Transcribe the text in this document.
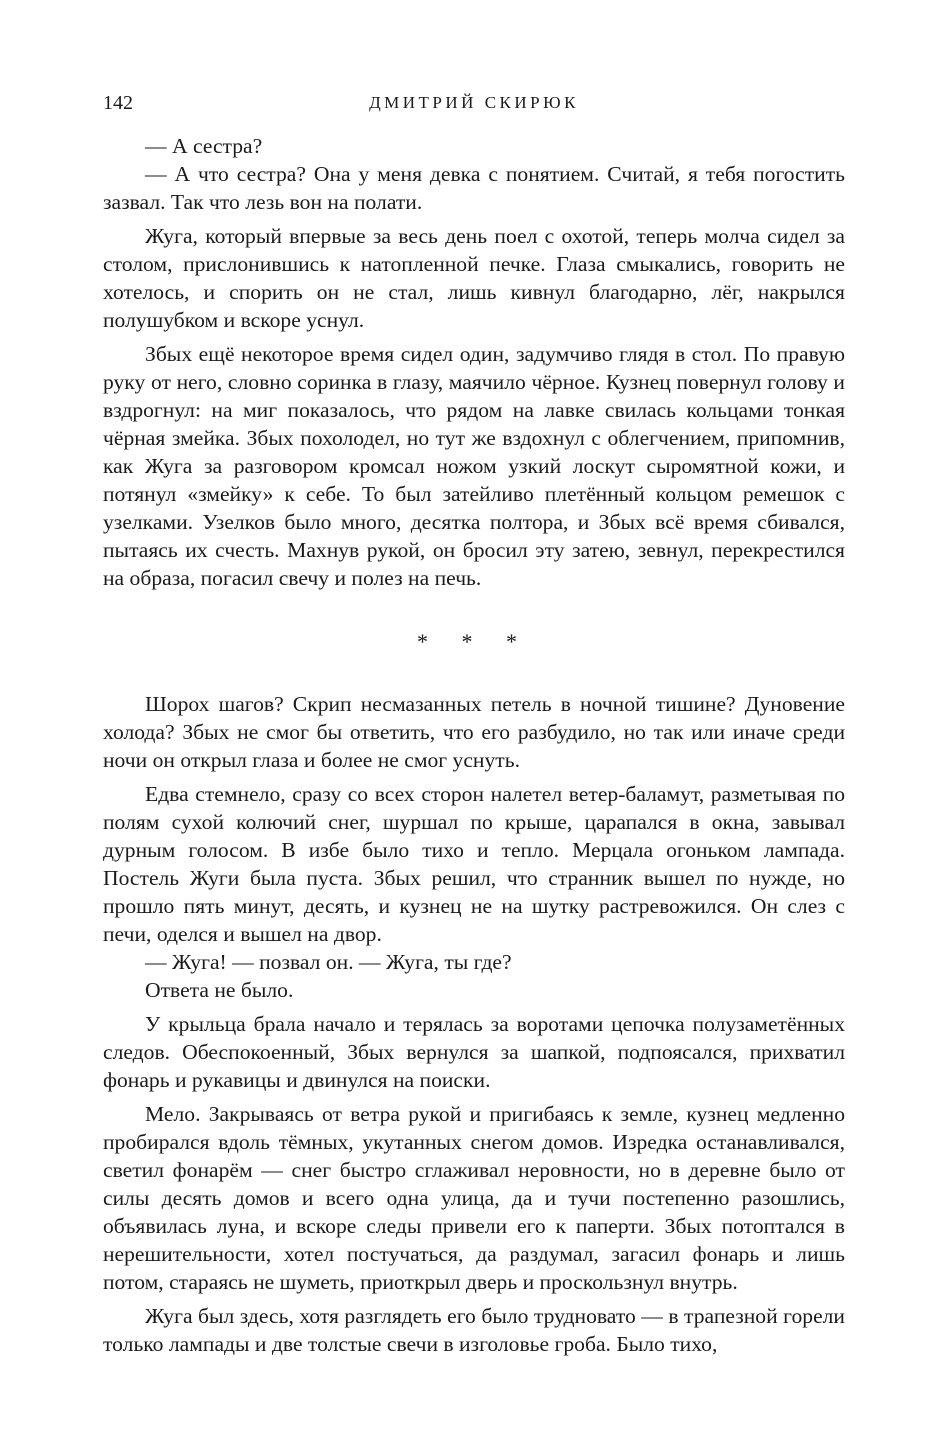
142	ДМИТРИЙ СКИРЮК

— А сестра?

— А что сестра? Она у меня девка с понятием. Считай, я тебя погостить зазвал. Так что лезь вон на полати.

Жуга, который впервые за весь день поел с охотой, теперь молча сидел за столом, прислонившись к натопленной печке. Глаза смыкались, говорить не хотелось, и спорить он не стал, лишь кивнул благодарно, лёг, накрылся полушубком и вскоре уснул.

Збых ещё некоторое время сидел один, задумчиво глядя в стол. По правую руку от него, словно соринка в глазу, маячило чёрное. Кузнец повернул голову и вздрогнул: на миг показалось, что рядом на лавке свилась кольцами тонкая чёрная змейка. Збых похолодел, но тут же вздохнул с облегчением, припомнив, как Жуга за разговором кромсал ножом узкий лоскут сыромятной кожи, и потянул «змейку» к себе. То был затейливо плетённый кольцом ремешок с узелками. Узелков было много, десятка полтора, и Збых всё время сбивался, пытаясь их счесть. Махнув рукой, он бросил эту затею, зевнул, перекрестился на образа, погасил свечу и полез на печь.

* * *

Шорох шагов? Скрип несмазанных петель в ночной тишине? Дуновение холода? Збых не смог бы ответить, что его разбудило, но так или иначе среди ночи он открыл глаза и более не смог уснуть.

Едва стемнело, сразу со всех сторон налетел ветер-баламут, разметывая по полям сухой колючий снег, шуршал по крыше, царапался в окна, завывал дурным голосом. В избе было тихо и тепло. Мерцала огоньком лампада. Постель Жуги была пуста. Збых решил, что странник вышел по нужде, но прошло пять минут, десять, и кузнец не на шутку растревожился. Он слез с печи, оделся и вышел на двор.

— Жуга! — позвал он. — Жуга, ты где?

Ответа не было.

У крыльца брала начало и терялась за воротами цепочка полузаметённых следов. Обеспокоенный, Збых вернулся за шапкой, подпоясался, прихватил фонарь и рукавицы и двинулся на поиски.

Мело. Закрываясь от ветра рукой и пригибаясь к земле, кузнец медленно пробирался вдоль тёмных, укутанных снегом домов. Изредка останавливался, светил фонарём — снег быстро сглаживал неровности, но в деревне было от силы десять домов и всего одна улица, да и тучи постепенно разошлись, объявилась луна, и вскоре следы привели его к паперти. Збых потоптался в нерешительности, хотел постучаться, да раздумал, загасил фонарь и лишь потом, стараясь не шуметь, приоткрыл дверь и проскользнул внутрь.

Жуга был здесь, хотя разглядеть его было трудновато — в трапезной горели только лампады и две толстые свечи в изголовье гроба. Было тихо,
